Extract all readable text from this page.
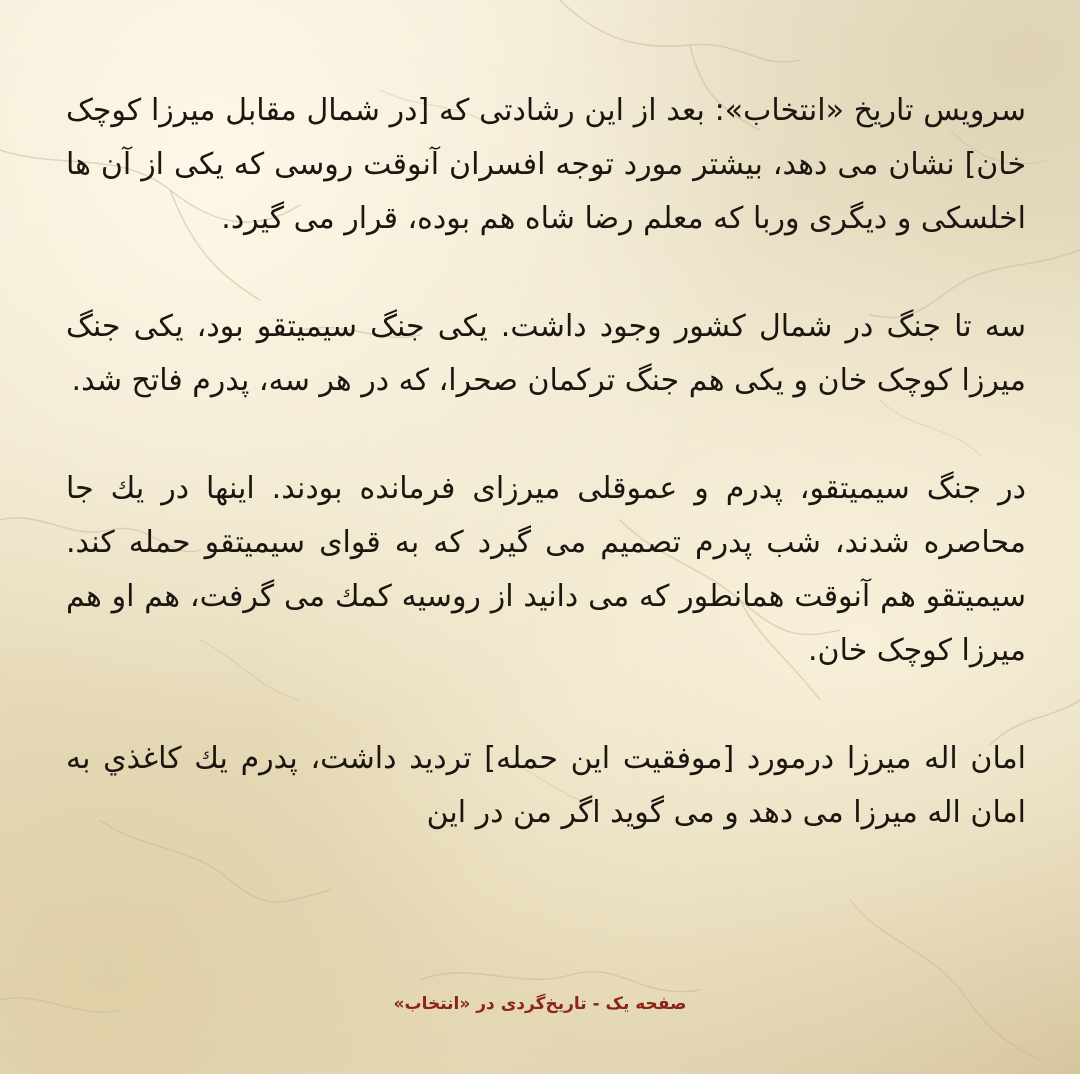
سرویس تاریخ «انتخاب»: بعد از این رشادتی که [در شمال مقابل میرزا کوچک خان] نشان می دهد، بیشتر مورد توجه افسران آنوقت روسی که یکی از آن ها اخلسکی و دیگری وربا که معلم رضا شاه هم بوده، قرار می گیرد.

سه تا جنگ در شمال کشور وجود داشت. یکی جنگ سیمیتقو بود، یکی جنگ میرزا کوچک خان و یکی هم جنگ ترکمان صحرا، که در هر سه، پدرم فاتح شد.

در جنگ سیمیتقو، پدرم و عموقلی میرزای فرمانده بودند. اینها در یك جا محاصره شدند، شب پدرم تصمیم می گیرد که به قوای سیمیتقو حمله کند. سیمیتقو هم آنوقت همانطور که می دانید از روسیه کمك می گرفت، هم او هم میرزا کوچک خان.

امان اله میرزا درمورد [موفقیت این حمله] تردید داشت، پدرم یك کاغذي به امان اله میرزا می دهد و می گوید اگر من در این

صفحه یک - تاریخ‌گردی در «انتخاب»
